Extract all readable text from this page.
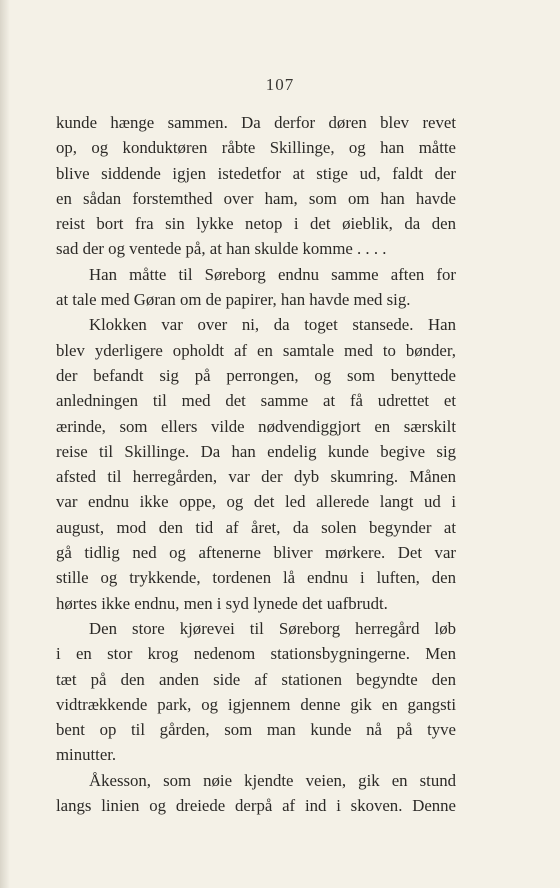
107
kunde hænge sammen. Da derfor døren blev revet
op, og konduktøren råbte Skillinge, og han måtte
blive siddende igjen istedetfor at stige ud, faldt der
en sådan forstemthed over ham, som om han havde
reist bort fra sin lykke netop i det øieblik, da den
sad der og ventede på, at han skulde komme . . . .
Han måtte til Søreborg endnu samme aften for
at tale med Gøran om de papirer, han havde med sig.
Klokken var over ni, da toget stansede. Han
blev yderligere opholdt af en samtale med to bønder,
der befandt sig på perrongen, og som benyttede
anledningen til med det samme at få udrettet et
ærinde, som ellers vilde nødvendiggjort en særskilt
reise til Skillinge. Da han endelig kunde begive sig
afsted til herregården, var der dyb skumring. Månen
var endnu ikke oppe, og det led allerede langt ud i
august, mod den tid af året, da solen begynder at
gå tidlig ned og aftenerne bliver mørkere. Det var
stille og trykkende, tordenen lå endnu i luften, den
hørtes ikke endnu, men i syd lynede det uafbrudt.
Den store kjørevei til Søreborg herregård løb
i en stor krog nedenom stationsbygningerne. Men
tæt på den anden side af stationen begyndte den
vidtrækkende park, og igjennem denne gik en gangsti
bent op til gården, som man kunde nå på tyve
minutter.
Åkesson, som nøie kjendte veien, gik en stund
langs linien og dreiede derpå af ind i skoven. Denne
